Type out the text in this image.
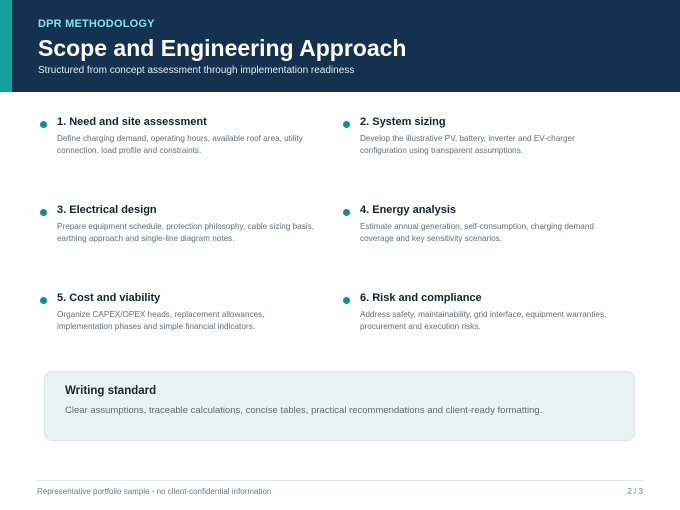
DPR METHODOLOGY
Scope and Engineering Approach
Structured from concept assessment through implementation readiness
1. Need and site assessment
Define charging demand, operating hours, available roof area, utility connection, load profile and constraints.
2. System sizing
Develop the illustrative PV, battery, inverter and EV-charger configuration using transparent assumptions.
3. Electrical design
Prepare equipment schedule, protection philosophy, cable sizing basis, earthing approach and single-line diagram notes.
4. Energy analysis
Estimate annual generation, self-consumption, charging demand coverage and key sensitivity scenarios.
5. Cost and viability
Organize CAPEX/OPEX heads, replacement allowances, implementation phases and simple financial indicators.
6. Risk and compliance
Address safety, maintainability, grid interface, equipment warranties, procurement and execution risks.
Writing standard
Clear assumptions, traceable calculations, concise tables, practical recommendations and client-ready formatting.
Representative portfolio sample - no client-confidential information	2 / 3
